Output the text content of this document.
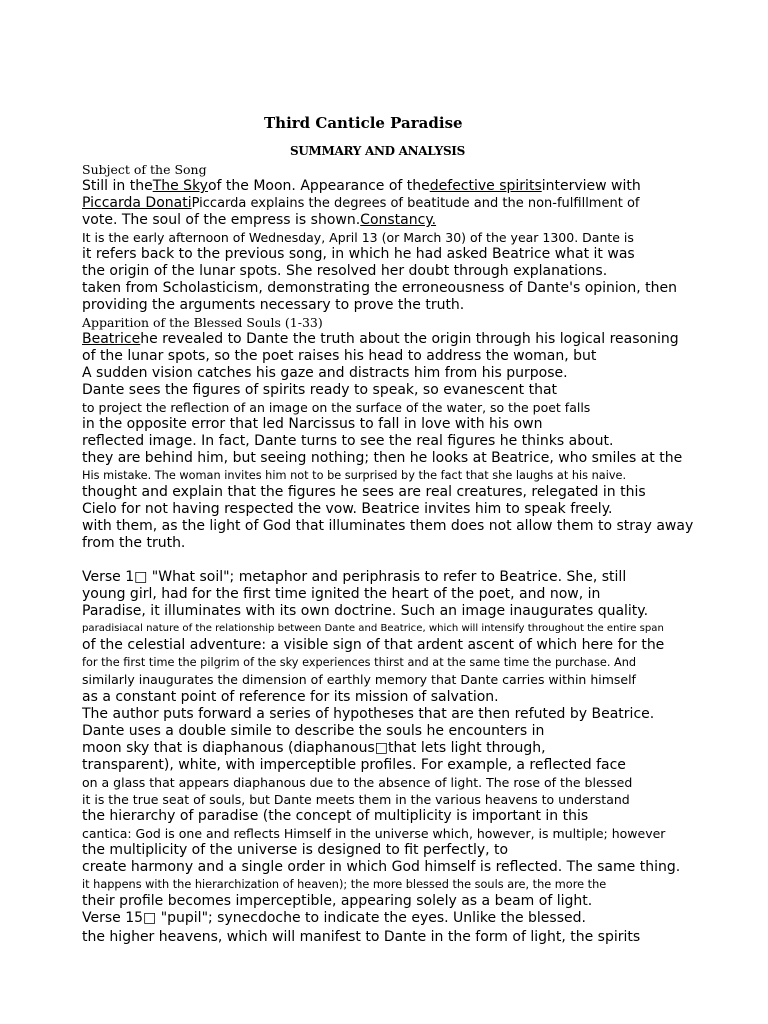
Third Canticle Paradise
SUMMARY AND ANALYSIS
Subject of the Song
Still in theThe Skyof the Moon. Appearance of thedefective spiritsinterview with
Piccarda DonatiPiccarda explains the degrees of beatitude and the non-fulfillment of
vote. The soul of the empress is shown.Constancy.
It is the early afternoon of Wednesday, April 13 (or March 30) of the year 1300. Dante is
it refers back to the previous song, in which he had asked Beatrice what it was
the origin of the lunar spots. She resolved her doubt through explanations.
taken from Scholasticism, demonstrating the erroneousness of Dante's opinion, then
providing the arguments necessary to prove the truth.
Apparition of the Blessed Souls (1-33)
Beatricehe revealed to Dante the truth about the origin through his logical reasoning
of the lunar spots, so the poet raises his head to address the woman, but
A sudden vision catches his gaze and distracts him from his purpose.
Dante sees the figures of spirits ready to speak, so evanescent that
to project the reflection of an image on the surface of the water, so the poet falls
in the opposite error that led Narcissus to fall in love with his own
reflected image. In fact, Dante turns to see the real figures he thinks about.
they are behind him, but seeing nothing; then he looks at Beatrice, who smiles at the
His mistake. The woman invites him not to be surprised by the fact that she laughs at his naive.
thought and explain that the figures he sees are real creatures, relegated in this
Cielo for not having respected the vow. Beatrice invites him to speak freely.
with them, as the light of God that illuminates them does not allow them to stray away
from the truth.
Verse 1□ "What soil"; metaphor and periphrasis to refer to Beatrice. She, still
young girl, had for the first time ignited the heart of the poet, and now, in
Paradise, it illuminates with its own doctrine. Such an image inaugurates quality.
paradisiacal nature of the relationship between Dante and Beatrice, which will intensify throughout the entire span
of the celestial adventure: a visible sign of that ardent ascent of which here for the
for the first time the pilgrim of the sky experiences thirst and at the same time the purchase. And
similarly inaugurates the dimension of earthly memory that Dante carries within himself
as a constant point of reference for its mission of salvation.
The author puts forward a series of hypotheses that are then refuted by Beatrice.
Dante uses a double simile to describe the souls he encounters in
moon sky that is diaphanous (diaphanous□that lets light through,
transparent), white, with imperceptible profiles. For example, a reflected face
on a glass that appears diaphanous due to the absence of light. The rose of the blessed
it is the true seat of souls, but Dante meets them in the various heavens to understand
the hierarchy of paradise (the concept of multiplicity is important in this
cantica: God is one and reflects Himself in the universe which, however, is multiple; however
the multiplicity of the universe is designed to fit perfectly, to
create harmony and a single order in which God himself is reflected. The same thing.
it happens with the hierarchization of heaven); the more blessed the souls are, the more the
their profile becomes imperceptible, appearing solely as a beam of light.
Verse 15□ "pupil"; synecdoche to indicate the eyes. Unlike the blessed.
the higher heavens, which will manifest to Dante in the form of light, the spirits
